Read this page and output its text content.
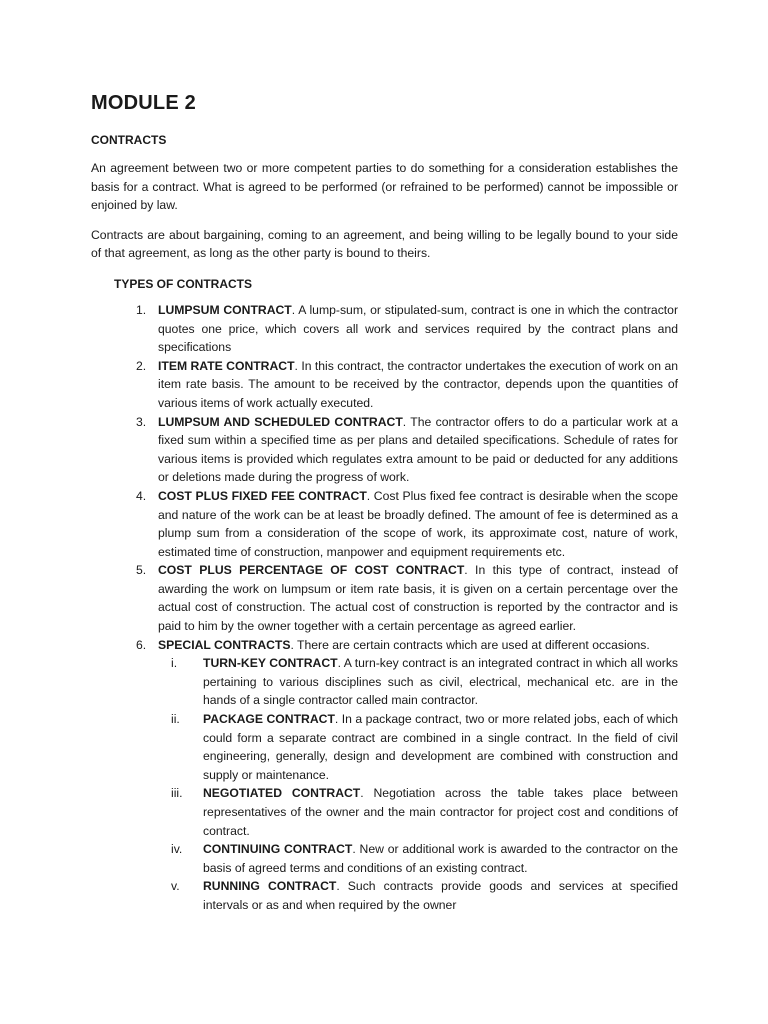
MODULE 2
CONTRACTS

An agreement between two or more competent parties to do something for a consideration establishes the basis for a contract. What is agreed to be performed (or refrained to be performed) cannot be impossible or enjoined by law.

Contracts are about bargaining, coming to an agreement, and being willing to be legally bound to your side of that agreement, as long as the other party is bound to theirs.

TYPES OF CONTRACTS
1. LUMPSUM CONTRACT. A lump-sum, or stipulated-sum, contract is one in which the contractor quotes one price, which covers all work and services required by the contract plans and specifications
2. ITEM RATE CONTRACT. In this contract, the contractor undertakes the execution of work on an item rate basis. The amount to be received by the contractor, depends upon the quantities of various items of work actually executed.
3. LUMPSUM AND SCHEDULED CONTRACT. The contractor offers to do a particular work at a fixed sum within a specified time as per plans and detailed specifications. Schedule of rates for various items is provided which regulates extra amount to be paid or deducted for any additions or deletions made during the progress of work.
4. COST PLUS FIXED FEE CONTRACT. Cost Plus fixed fee contract is desirable when the scope and nature of the work can be at least be broadly defined. The amount of fee is determined as a plump sum from a consideration of the scope of work, its approximate cost, nature of work, estimated time of construction, manpower and equipment requirements etc.
5. COST PLUS PERCENTAGE OF COST CONTRACT. In this type of contract, instead of awarding the work on lumpsum or item rate basis, it is given on a certain percentage over the actual cost of construction. The actual cost of construction is reported by the contractor and is paid to him by the owner together with a certain percentage as agreed earlier.
6. SPECIAL CONTRACTS. There are certain contracts which are used at different occasions.
i. TURN-KEY CONTRACT. A turn-key contract is an integrated contract in which all works pertaining to various disciplines such as civil, electrical, mechanical etc. are in the hands of a single contractor called main contractor.
ii. PACKAGE CONTRACT. In a package contract, two or more related jobs, each of which could form a separate contract are combined in a single contract. In the field of civil engineering, generally, design and development are combined with construction and supply or maintenance.
iii. NEGOTIATED CONTRACT. Negotiation across the table takes place between representatives of the owner and the main contractor for project cost and conditions of contract.
iv. CONTINUING CONTRACT. New or additional work is awarded to the contractor on the basis of agreed terms and conditions of an existing contract.
v. RUNNING CONTRACT. Such contracts provide goods and services at specified intervals or as and when required by the owner
